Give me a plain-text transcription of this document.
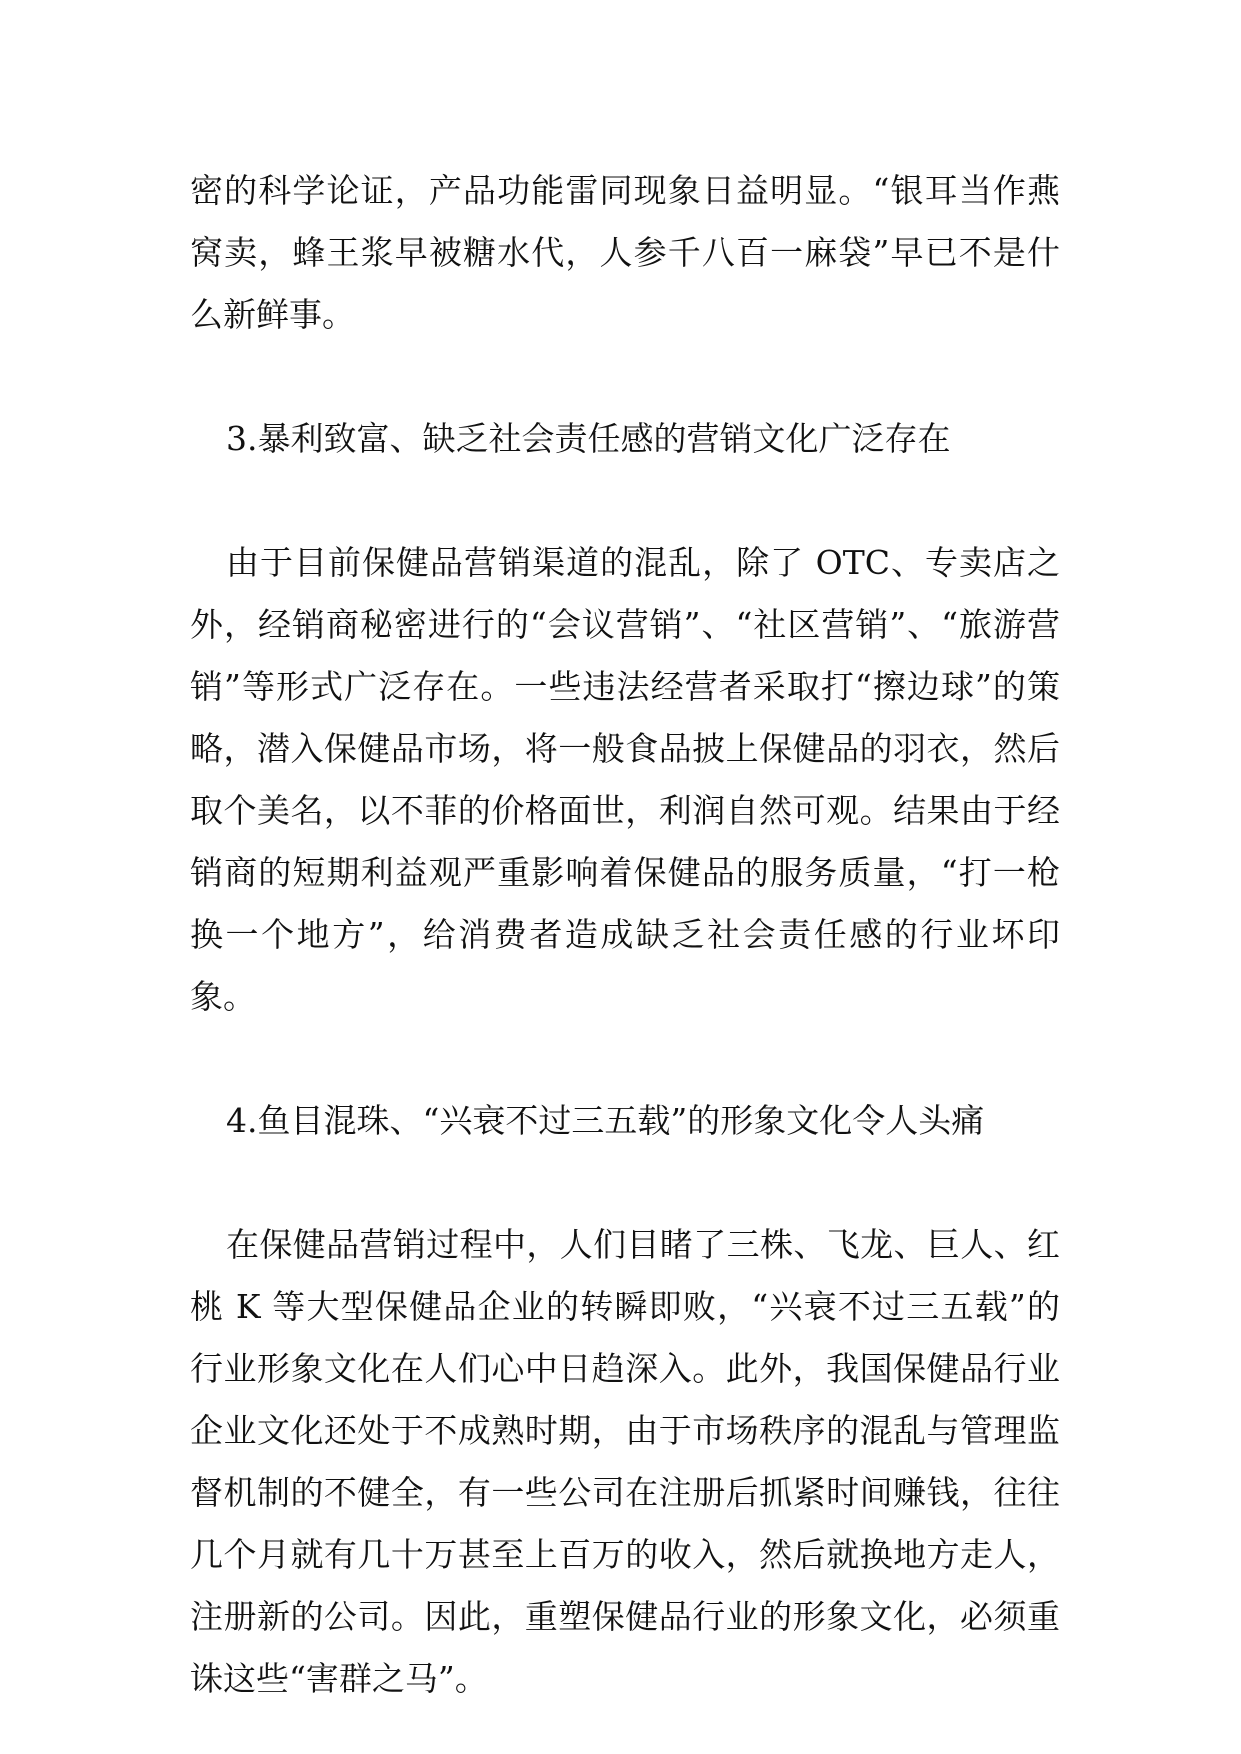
密的科学论证，产品功能雷同现象日益明显。“银耳当作燕窝卖，蜂王浆早被糖水代，人参千八百一麻袋”早已不是什么新鲜事。

3.暴利致富、缺乏社会责任感的营销文化广泛存在

由于目前保健品营销渠道的混乱，除了 OTC、专卖店之外，经销商秘密进行的“会议营销”、“社区营销”、“旅游营销”等形式广泛存在。一些违法经营者采取打“擦边球”的策略，潜入保健品市场，将一般食品披上保健品的羽衣，然后取个美名，以不菲的价格面世，利润自然可观。结果由于经销商的短期利益观严重影响着保健品的服务质量，“打一枪换一个地方”，给消费者造成缺乏社会责任感的行业坏印象。

4.鱼目混珠、“兴衰不过三五载”的形象文化令人头痛

在保健品营销过程中，人们目睹了三株、飞龙、巨人、红桃 K 等大型保健品企业的转瞬即败，“兴衰不过三五载”的行业形象文化在人们心中日趋深入。此外，我国保健品行业企业文化还处于不成熟时期，由于市场秩序的混乱与管理监督机制的不健全，有一些公司在注册后抓紧时间赚钱，往往几个月就有几十万甚至上百万的收入，然后就换地方走人，注册新的公司。因此，重塑保健品行业的形象文化，必须重诛这些“害群之马”。
